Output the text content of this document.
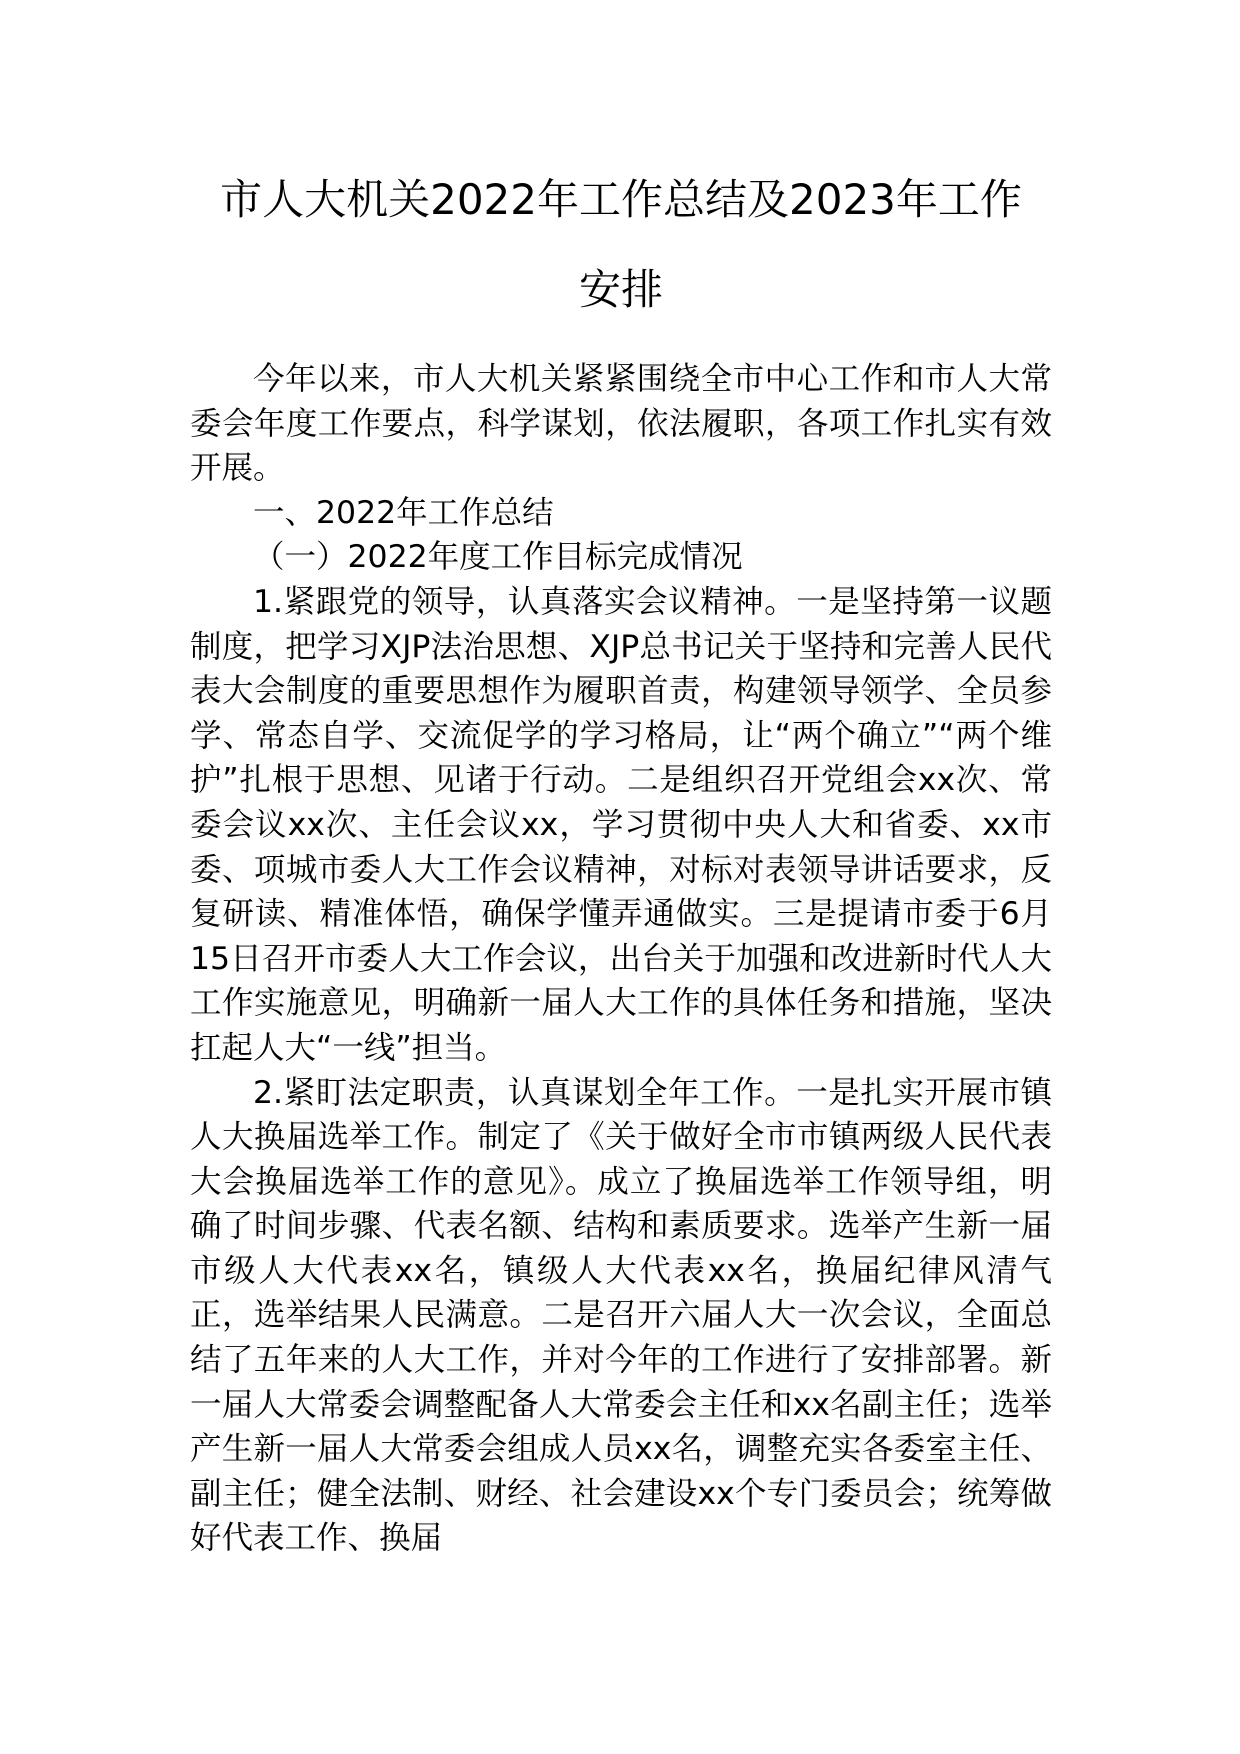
市人大机关2022年工作总结及2023年工作
安排

今年以来，市人大机关紧紧围绕全市中心工作和市人大常委会年度工作要点，科学谋划，依法履职，各项工作扎实有效开展。

一、2022年工作总结

（一）2022年度工作目标完成情况

1.紧跟党的领导，认真落实会议精神。一是坚持第一议题制度，把学习XJP法治思想、XJP总书记关于坚持和完善人民代表大会制度的重要思想作为履职首责，构建领导领学、全员参学、常态自学、交流促学的学习格局，让“两个确立”“两个维护”扎根于思想、见诸于行动。二是组织召开党组会xx次、常委会议xx次、主任会议xx，学习贯彻中央人大和省委、xx市委、项城市委人大工作会议精神，对标对表领导讲话要求，反复研读、精准体悟，确保学懂弄通做实。三是提请市委于6月15日召开市委人大工作会议，出台关于加强和改进新时代人大工作实施意见，明确新一届人大工作的具体任务和措施，坚决扛起人大“一线”担当。

2.紧盯法定职责，认真谋划全年工作。一是扎实开展市镇人大换届选举工作。制定了《关于做好全市市镇两级人民代表大会换届选举工作的意见》。成立了换届选举工作领导组，明确了时间步骤、代表名额、结构和素质要求。选举产生新一届市级人大代表xx名，镇级人大代表xx名，换届纪律风清气正，选举结果人民满意。二是召开六届人大一次会议，全面总结了五年来的人大工作，并对今年的工作进行了安排部署。新一届人大常委会调整配备人大常委会主任和xx名副主任；选举产生新一届人大常委会组成人员xx名，调整充实各委室主任、副主任；健全法制、财经、社会建设xx个专门委员会；统筹做好代表工作、换届
